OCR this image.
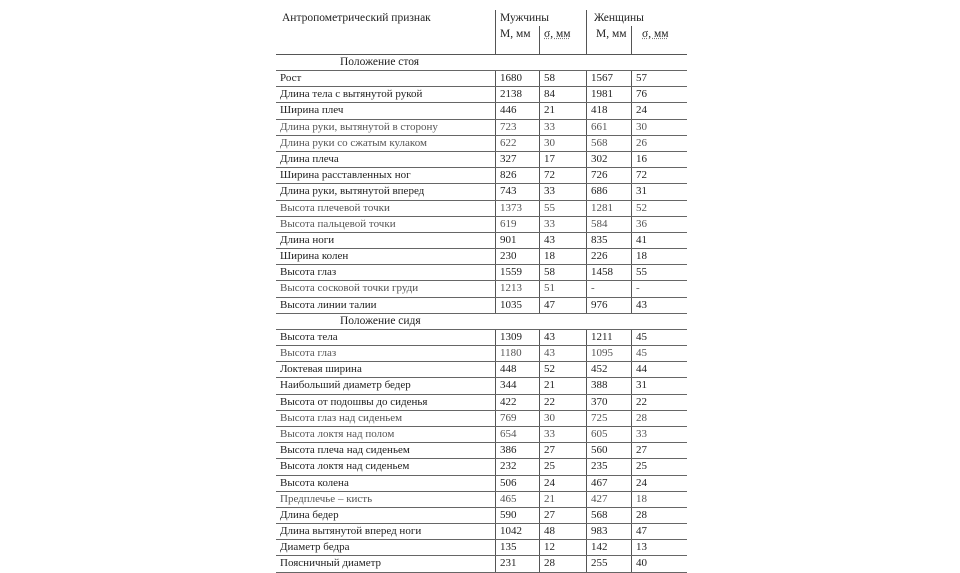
Антропометрический признак	Мужчины	Женщины
М, мм σ, мм М, мм σ, мм
Положение стоя
Рост	1680	58	1567	57
Длина тела с вытянутой рукой	2138	84	1981	76
Ширина плеч	446	21	418	24
Длина руки, вытянутой в сторону	723	33	661	30
Длина руки со сжатым кулаком	622	30	568	26
Длина плеча	327	17	302	16
Ширина расставленных ног	826	72	726	72
Длина руки, вытянутой вперед	743	33	686	31
Высота плечевой точки	1373	55	1281	52
Высота пальцевой точки	619	33	584	36
Длина ноги	901	43	835	41
Ширина колен	230	18	226	18
Высота глаз	1559	58	1458	55
Высота сосковой точки груди	1213	51	-	-
Высота линии талии	1035	47	976	43
Положение сидя
Высота тела	1309	43	1211	45
Высота глаз	1180	43	1095	45
Локтевая ширина	448	52	452	44
Наибольший диаметр бедер	344	21	388	31
Высота от подошвы до сиденья	422	22	370	22
Высота глаз над сиденьем	769	30	725	28
Высота локтя над полом	654	33	605	33
Высота плеча над сиденьем	386	27	560	27
Высота локтя над сиденьем	232	25	235	25
Высота колена	506	24	467	24
Предплечье – кисть	465	21	427	18
Длина бедер	590	27	568	28
Длина вытянутой вперед ноги	1042	48	983	47
Диаметр бедра	135	12	142	13
Поясничный диаметр	231	28	255	40
